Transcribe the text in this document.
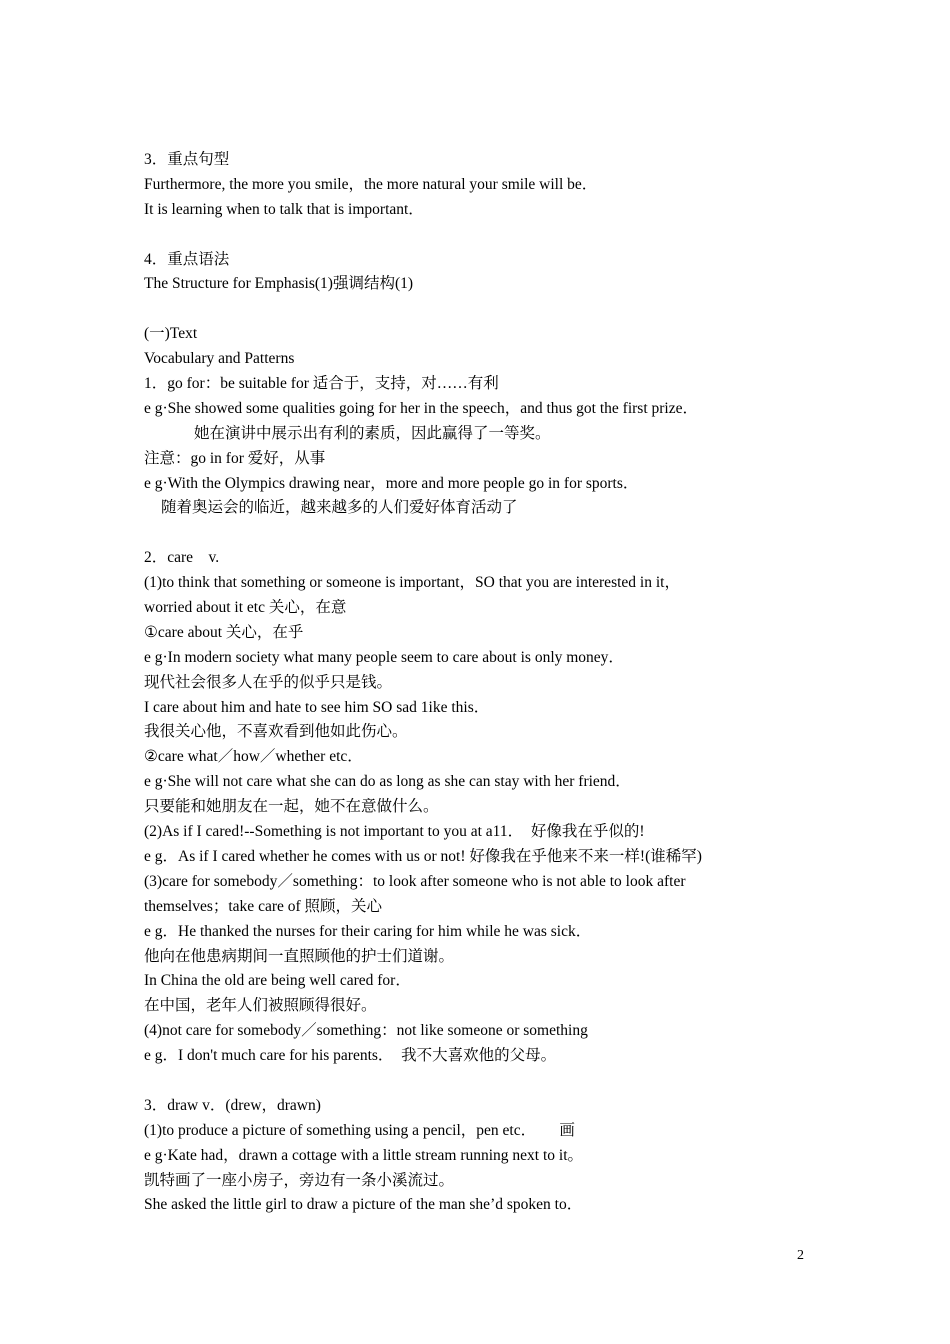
3．重点句型
Furthermore, the more you smile，the more natural your smile will be．
It is learning when to talk that is important．
4．重点语法
The Structure for Emphasis(1)强调结构(1)
(一)Text
Vocabulary and Patterns
1．go for：be suitable for 适合于，支持，对……有利
e g·She showed some qualities going for her in the speech，and thus got the first prize．
她在演讲中展示出有利的素质，因此赢得了一等奖。
注意：go in for 爱好，从事
e g·With the Olympics drawing near，more and more people go in for sports．
随着奥运会的临近，越来越多的人们爱好体育活动了
2．care　v.
(1)to think that something or someone is important，SO that you are interested in it，
worried about it etc 关心，在意
①care about 关心，在乎
e g·In modern society what many people seem to care about is only money．
现代社会很多人在乎的似乎只是钱。
I care about him and hate to see him SO sad 1ike this．
我很关心他，不喜欢看到他如此伤心。
②care what／how／whether etc．
e g·She will not care what she can do as long as she can stay with her friend．
只要能和她朋友在一起，她不在意做什么。
(2)As if I cared!--Something is not important to you at a11．　好像我在乎似的!
e g．As if I cared whether he comes with us or not! 好像我在乎他来不来一样!(谁稀罕)
(3)care for somebody／something：to look after someone who is not able to look after
themselves；take care of 照顾，关心
e g．He thanked the nurses for their caring for him while he was sick．
他向在他患病期间一直照顾他的护士们道谢。
In China the old are being well cared for．
在中国，老年人们被照顾得很好。
(4)not care for somebody／something：not like someone or something
e g．I don't much care for his parents．　我不大喜欢他的父母。
3．draw v．(drew，drawn)
(1)to produce a picture of something using a pencil，pen etc．　　画
e g·Kate had，drawn a cottage with a little stream running next to it。
凯特画了一座小房子，旁边有一条小溪流过。
She asked the little girl to draw a picture of the man she’d spoken to．
2
